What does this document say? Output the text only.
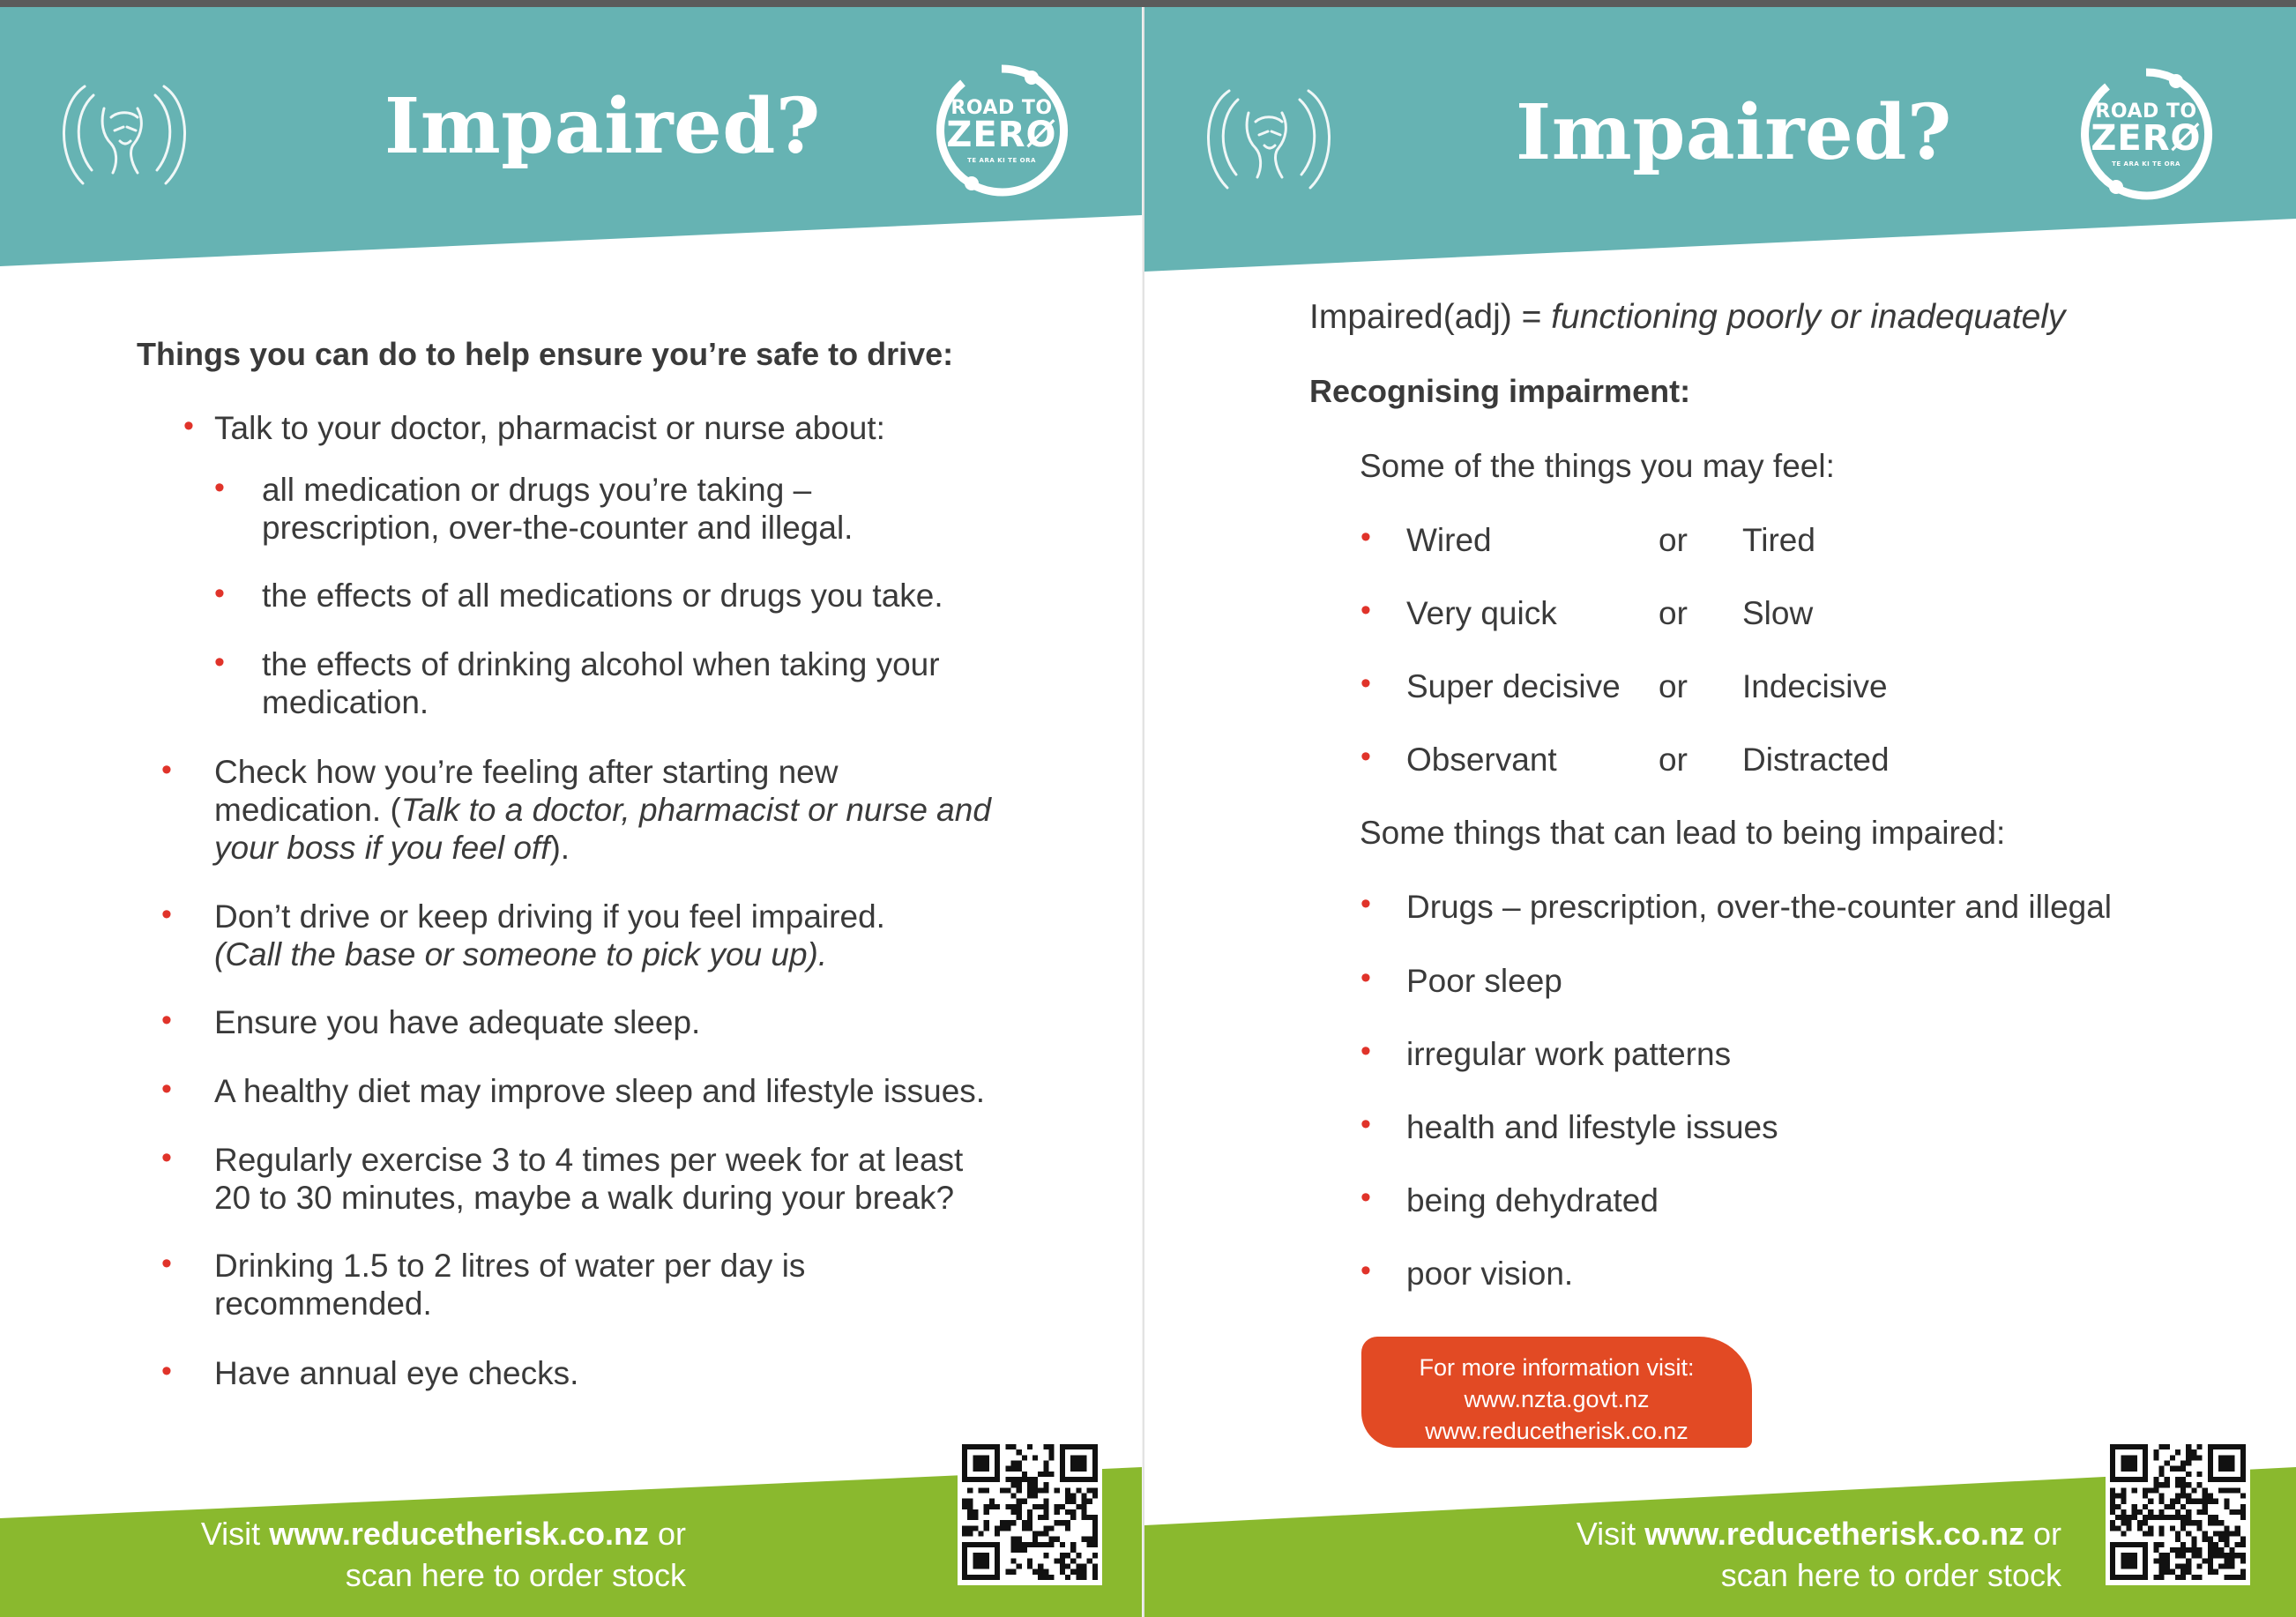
Impaired?	ROAD TO
ZERØ
TE ARA KI TE ORA
Things you can do to help ensure you’re safe to drive:
• Talk to your doctor, pharmacist or nurse about:
• all medication or drugs you’re taking –
prescription, over-the-counter and illegal.
• the effects of all medications or drugs you take.
• the effects of drinking alcohol when taking your
medication.
• Check how you’re feeling after starting new
medication. (Talk to a doctor, pharmacist or nurse and
your boss if you feel off).
• Don’t drive or keep driving if you feel impaired.
(Call the base or someone to pick you up).
• Ensure you have adequate sleep.
• A healthy diet may improve sleep and lifestyle issues.
• Regularly exercise 3 to 4 times per week for at least
20 to 30 minutes, maybe a walk during your break?
• Drinking 1.5 to 2 litres of water per day is
recommended.
• Have annual eye checks.
Visit www.reducetherisk.co.nz or
scan here to order stock
Impaired?	ROAD TO
ZERØ
TE ARA KI TE ORA
Impaired(adj) = functioning poorly or inadequately
Recognising impairment:
Some of the things you may feel:
• Wired	or Tired
• Very quick	or Slow
• Super decisive or Indecisive
• Observant	or Distracted
Some things that can lead to being impaired:
• Drugs – prescription, over-the-counter and illegal
• Poor sleep
• irregular work patterns
• health and lifestyle issues
• being dehydrated
• poor vision.
For more information visit:
www.nzta.govt.nz
www.reducetherisk.co.nz
Visit www.reducetherisk.co.nz or
scan here to order stock
